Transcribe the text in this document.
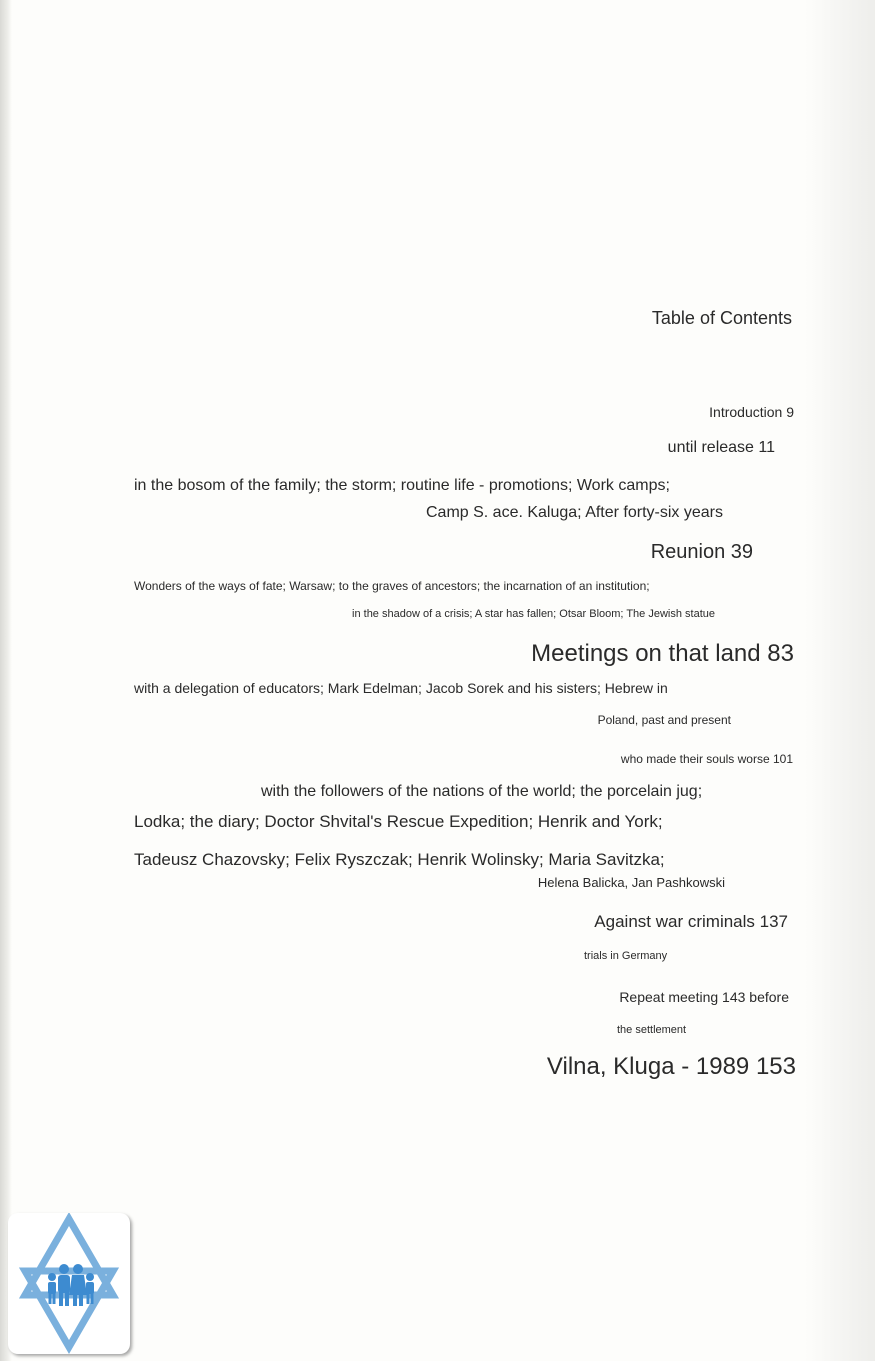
Table of Contents
Introduction 9
until release 11
in the bosom of the family; the storm; routine life - promotions; Work camps;
Camp S. ace. Kaluga; After forty-six years
Reunion 39
Wonders of the ways of fate; Warsaw; to the graves of ancestors; the incarnation of an institution;
in the shadow of a crisis; A star has fallen; Otsar Bloom; The Jewish statue
Meetings on that land 83
with a delegation of educators; Mark Edelman; Jacob Sorek and his sisters; Hebrew in
Poland, past and present
who made their souls worse 101
with the followers of the nations of the world; the porcelain jug;
Lodka; the diary; Doctor Shvital's Rescue Expedition; Henrik and York;
Tadeusz Chazovsky; Felix Ryszczak; Henrik Wolinsky; Maria Savitzka;
Helena Balicka, Jan Pashkowski
Against war criminals 137
trials in Germany
Repeat meeting 143 before
the settlement
Vilna, Kluga - 1989 153
